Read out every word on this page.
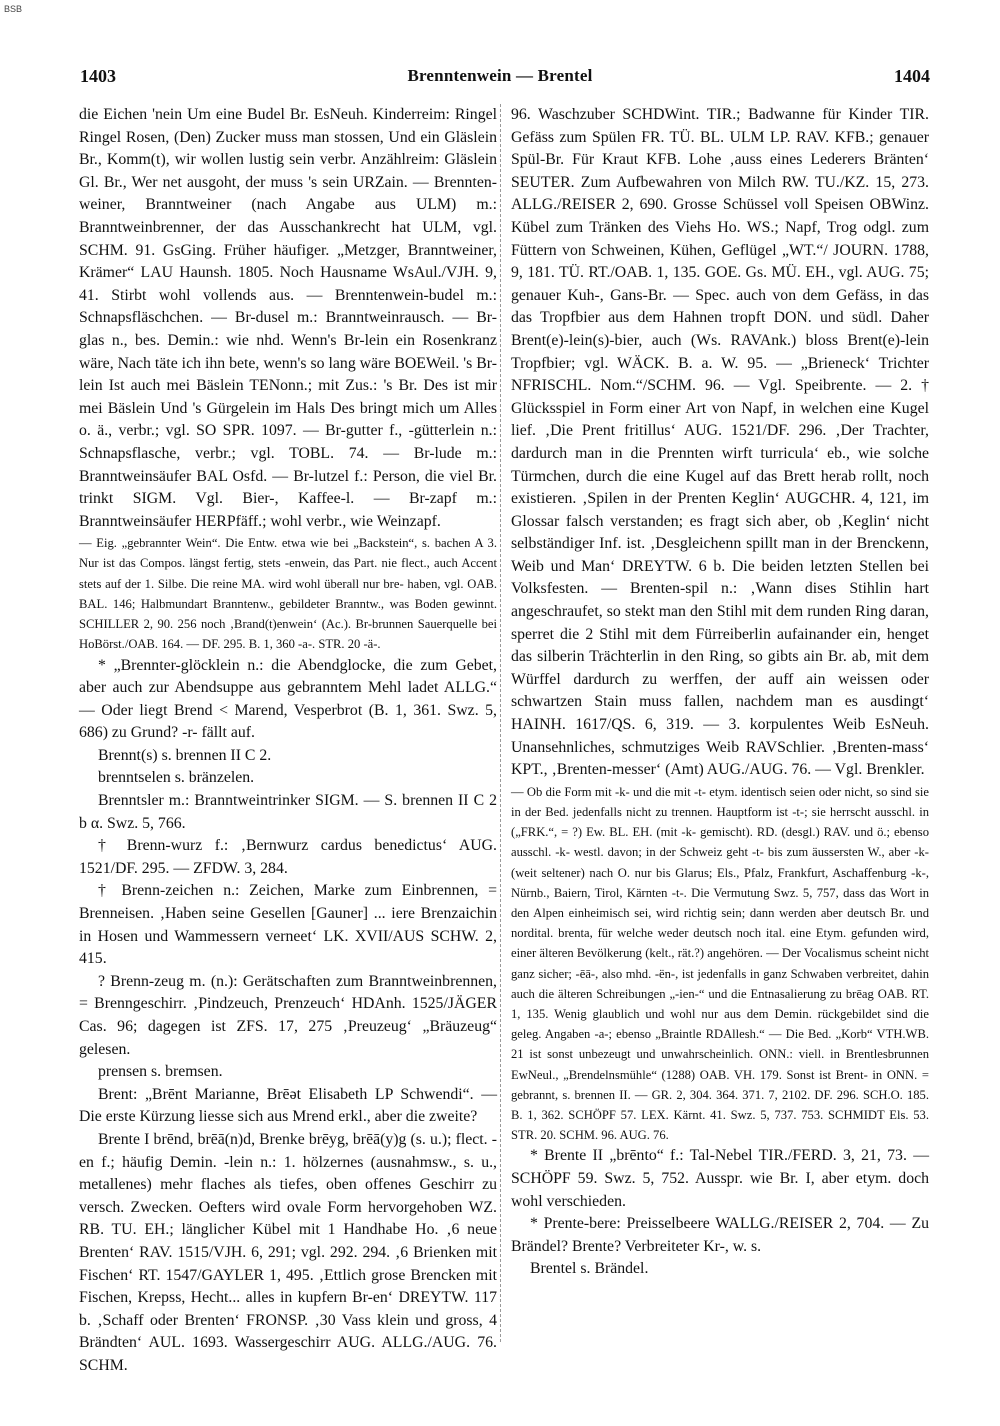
BSB
1403	Brenntenwein — Brentel	1404

die Eichen 'nein Um eine Budel Br. EsNeuh. Kinderreim: Ringel Ringel Rosen, (Den) Zucker muss man stossen, Und ein Gläslein Br., Komm(t), wir wollen lustig sein verbr. Anzählreim: Gläslein Gl. Br., Wer net ausgoht, der muss 's sein URZain. — Brennten-weiner, Branntweiner (nach Angabe aus ULM) m.: Branntweinbrenner, der das Ausschankrecht hat ULM, vgl. SCHM. 91. GsGing. Früher häufiger. „Metzger, Branntweiner, Krämer“ LAU Haunsh. 1805. Noch Hausname WsAul./VJH. 9, 41. Stirbt wohl vollends aus. — Brenntenwein-budel m.: Schnapsfläschchen. — Br-dusel m.: Branntweinrausch. — Br-glas n., bes. Demin.: wie nhd. Wenn's Br-lein ein Rosenkranz wäre, Nach täte ich ihn bete, wenn's so lang wäre BOEWeil. 's Br-lein Ist auch mei Bäslein TENonn.; mit Zus.: 's Br. Des ist mir mei Bäslein Und 's Gürgelein im Hals Des bringt mich um Alles o. ä., verbr.; vgl. SO SPR. 1097. — Br-gutter f., -gütterlein n.: Schnapsflasche, verbr.; vgl. TOBL. 74. — Br-lude m.: Branntweinsäufer BAL Osfd. — Br-lutzel f.: Person, die viel Br. trinkt SIGM. Vgl. Bier-, Kaffee-l. — Br-zapf m.: Branntweinsäufer HERPfäff.; wohl verbr., wie Weinzapf.

— Eig. „gebrannter Wein“. Die Entw. etwa wie bei „Backstein“, s. bachen A 3. Nur ist das Compos. längst fertig, stets -enwein, das Part. nie flect., auch Accent stets auf der 1. Silbe. Die reine MA. wird wohl überall nur bre- haben, vgl. OAB. BAL. 146; Halbmundart Branntenw., gebildeter Branntw., was Boden gewinnt. SCHILLER 2, 90. 256 noch ‚Brand(t)enwein‘ (Ac.). Br-brunnen Sauerquelle bei HoBörst./OAB. 164. — DF. 295. B. 1, 360 -a-. STR. 20 -ä-.

* „Brennter-glöcklein n.: die Abendglocke, die zum Gebet, aber auch zur Abendsuppe aus gebranntem Mehl ladet ALLG.“ — Oder liegt Brend < Marend, Vesperbrot (B. 1, 361. Swz. 5, 686) zu Grund? -r- fällt auf.

Brennt(s) s. brennen II C 2.

brenntselen s. bränzelen.

Brenntsler m.: Branntweintrinker SIGM. — S. brennen II C 2 b α. Swz. 5, 766.

† Brenn-wurz f.: ‚Bernwurz cardus benedictus‘ AUG. 1521/DF. 295. — ZFDW. 3, 284.

† Brenn-zeichen n.: Zeichen, Marke zum Einbrennen, = Brenneisen. ‚Haben seine Gesellen [Gauner] ... iere Brenzaichin in Hosen und Wammessern verneet‘ LK. XVII/AUS SCHW. 2, 415.

? Brenn-zeug m. (n.): Gerätschaften zum Branntweinbrennen, = Brenngeschirr. ‚Pindzeuch, Prenzeuch‘ HDAnh. 1525/JÄGER Cas. 96; dagegen ist ZFS. 17, 275 ‚Preuzeug‘ „Bräuzeug“ gelesen.

prensen s. bremsen.

Brent: „Brēnt Marianne, Brēət Elisabeth LP Schwendi“. — Die erste Kürzung liesse sich aus Mrend erkl., aber die zweite?

Brente I brēnd, brēā(n)d, Brenke brēyg, brēā(y)g (s. u.); flect. -en f.; häufig Demin. -lein n.: 1. hölzernes (ausnahmsw., s. u., metallenes) mehr flaches als tiefes, oben offenes Geschirr zu versch. Zwecken. Oefters wird ovale Form hervorgehoben WZ. RB. TU. EH.; länglicher Kübel mit 1 Handhabe Ho. ‚6 neue Brenten‘ RAV. 1515/VJH. 6, 291; vgl. 292. 294. ‚6 Brienken mit Fischen‘ RT. 1547/GAYLER 1, 495. ‚Ettlich grose Brencken mit Fischen, Krepss, Hecht... alles in kupfern Br-en‘ DREYTW. 117 b. ‚Schaff oder Brenten‘ FRONSP. ‚30 Vass klein und gross, 4 Brändten‘ AUL. 1693. Wassergeschirr AUG. ALLG./AUG. 76. SCHM.

96. Waschzuber SCHDWint. TIR.; Badwanne für Kinder TIR. Gefäss zum Spülen FR. TÜ. BL. ULM LP. RAV. KFB.; genauer Spül-Br. Für Kraut KFB. Lohe ‚auss eines Lederers Bränten‘ SEUTER. Zum Aufbewahren von Milch RW. TU./KZ. 15, 273. ALLG./REISER 2, 690. Grosse Schüssel voll Speisen OBWinz. Kübel zum Tränken des Viehs Ho. WS.; Napf, Trog odgl. zum Füttern von Schweinen, Kühen, Geflügel „WT.“/ JOURN. 1788, 9, 181. TÜ. RT./OAB. 1, 135. GOE. Gs. MÜ. EH., vgl. AUG. 75; genauer Kuh-, Gans-Br. — Spec. auch von dem Gefäss, in das das Tropfbier aus dem Hahnen tropft DON. und südl. Daher Brent(e)-lein(s)-bier, auch (Ws. RAVAnk.) bloss Brent(e)-lein Tropfbier; vgl. WÄCK. B. a. W. 95. — „Brieneck‘ Trichter NFRISCHL. Nom.“/SCHM. 96. — Vgl. Speibrente. — 2. † Glücksspiel in Form einer Art von Napf, in welchen eine Kugel lief. ‚Die Prent fritillus‘ AUG. 1521/DF. 296. ‚Der Trachter, dardurch man in die Prennten wirft turricula‘ eb., wie solche Türmchen, durch die eine Kugel auf das Brett herab rollt, noch existieren. ‚Spilen in der Prenten Keglin‘ AUGCHR. 4, 121, im Glossar falsch verstanden; es fragt sich aber, ob ‚Keglin‘ nicht selbständiger Inf. ist. ‚Desgleichenn spillt man in der Brenckenn, Weib und Man‘ DREYTW. 6 b. Die beiden letzten Stellen bei Volksfesten. — Brenten-spil n.: ‚Wann dises Stihlin hart angeschraufet, so stekt man den Stihl mit dem runden Ring daran, sperret die 2 Stihl mit dem Fürreiberlin aufainander ein, henget das silberin Trächterlin in den Ring, so gibts ain Br. ab, mit dem Würffel dardurch zu werffen, der auff ain weissen oder schwartzen Stain muss fallen, nachdem man es ausdingt‘ HAINH. 1617/QS. 6, 319. — 3. korpulentes Weib EsNeuh. Unansehnliches, schmutziges Weib RAVSchlier. ‚Brenten-mass‘ KPT., ‚Brenten-messer‘ (Amt) AUG./AUG. 76. — Vgl. Brenkler.

— Ob die Form mit -k- und die mit -t- etym. identisch seien oder nicht, so sind sie in der Bed. jedenfalls nicht zu trennen. Hauptform ist -t-; sie herrscht ausschl. in („FRK.“, = ?) Ew. BL. EH. (mit -k- gemischt). RD. (desgl.) RAV. und ö.; ebenso ausschl. -k- westl. davon; in der Schweiz geht -t- bis zum äussersten W., aber -k- (weit seltener) nach O. nur bis Glarus; Els., Pfalz, Frankfurt, Aschaffenburg -k-, Nürnb., Baiern, Tirol, Kärnten -t-. Die Vermutung Swz. 5, 757, dass das Wort in den Alpen einheimisch sei, wird richtig sein; dann werden aber deutsch Br. und nordital. brenta, für welche weder deutsch noch ital. eine Etym. gefunden wird, einer älteren Bevölkerung (kelt., rät.?) angehören. — Der Vocalismus scheint nicht ganz sicher; -ēā-, also mhd. -ën-, ist jedenfalls in ganz Schwaben verbreitet, dahin auch die älteren Schreibungen „-ien-“ und die Entnasalierung zu brēag OAB. RT. 1, 135. Wenig glaublich und wohl nur aus dem Demin. rückgebildet sind die geleg. Angaben -a-; ebenso „Braintle RDAllesh.“ — Die Bed. „Korb“ VTH.WB. 21 ist sonst unbezeugt und unwahrscheinlich. ONN.: viell. in Brentlesbrunnen EwNeul., „Brendelnsmühle“ (1288) OAB. VH. 179. Sonst ist Brent- in ONN. = gebrannt, s. brennen II. — GR. 2, 304. 364. 371. 7, 2102. DF. 296. SCH.O. 185. B. 1, 362. SCHÖPF 57. LEX. Kärnt. 41. Swz. 5, 737. 753. SCHMIDT Els. 53. STR. 20. SCHM. 96. AUG. 76.

* Brente II „brēnto“ f.: Tal-Nebel TIR./FERD. 3, 21, 73. — SCHÖPF 59. Swz. 5, 752. Ausspr. wie Br. I, aber etym. doch wohl verschieden.

* Prente-bere: Preisselbeere WALLG./REISER 2, 704. — Zu Brändel? Brente? Verbreiteter Kr-, w. s.

Brentel s. Brändel.
